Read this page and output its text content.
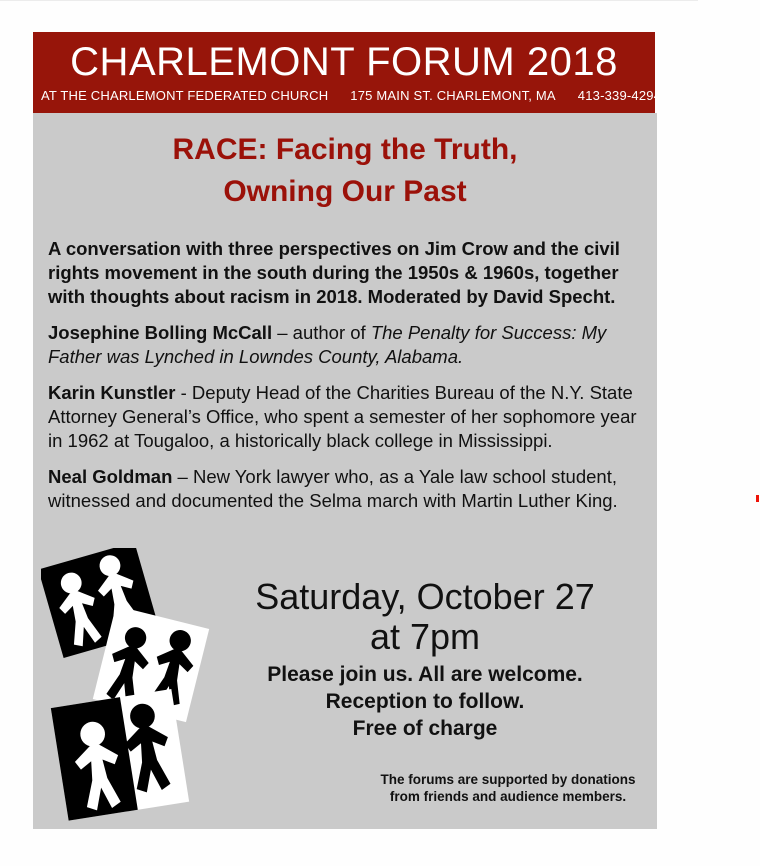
CHARLEMONT FORUM 2018
AT THE CHARLEMONT FEDERATED CHURCH 175 MAIN ST. CHARLEMONT, MA 413-339-4294
RACE: Facing the Truth,
Owning Our Past

A conversation with three perspectives on Jim Crow and the civil rights movement in the south during the 1950s & 1960s, together with thoughts about racism in 2018. Moderated by David Specht.

Josephine Bolling McCall – author of The Penalty for Success: My Father was Lynched in Lowndes County, Alabama.

Karin Kunstler - Deputy Head of the Charities Bureau of the N.Y. State Attorney General’s Office, who spent a semester of her sophomore year in 1962 at Tougaloo, a historically black college in Mississippi.

Neal Goldman – New York lawyer who, as a Yale law school student, witnessed and documented the Selma march with Martin Luther King.

Saturday, October 27
at 7pm
Please join us. All are welcome.
Reception to follow.
Free of charge
The forums are supported by donations
from friends and audience members.
